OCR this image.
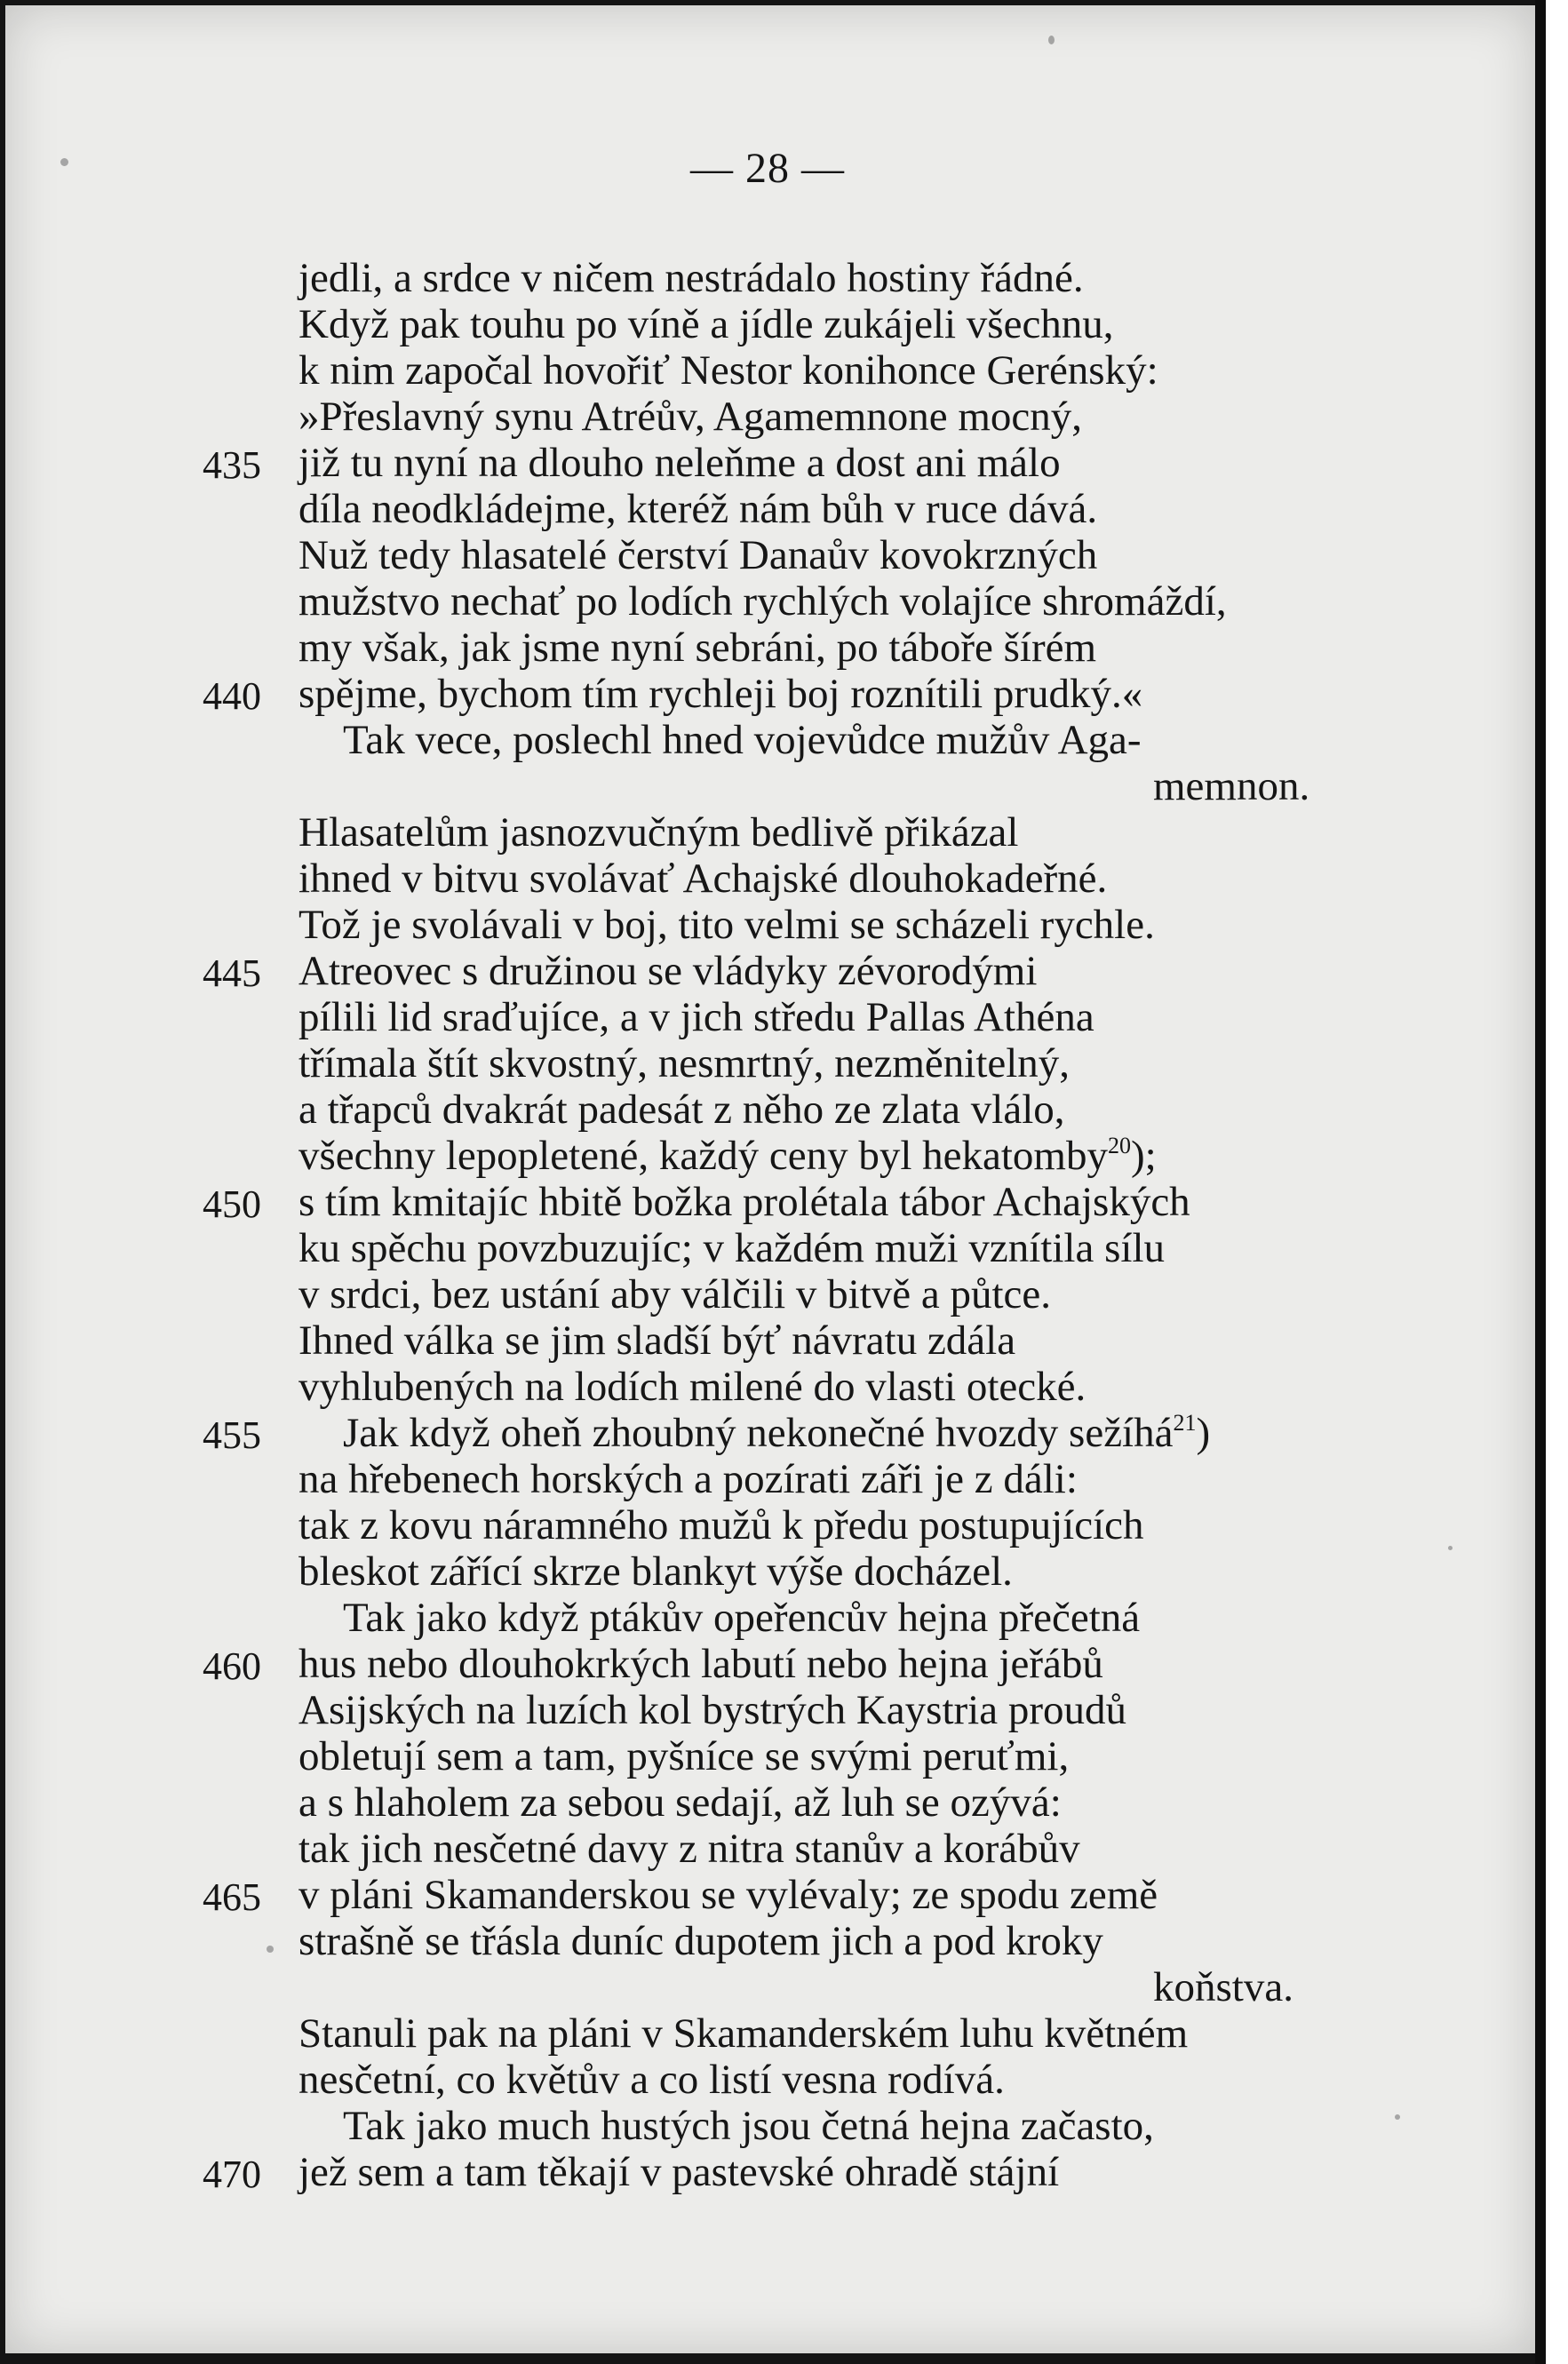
— 28 —
jedli, a srdce v ničem nestrádalo hostiny řádné.
Když pak touhu po víně a jídle zukájeli všechnu,
k nim započal hovořiť Nestor konihonce Gerénský:
»Přeslavný synu Atréův, Agamemnone mocný,
435 již tu nyní na dlouho neleňme a dost ani málo
díla neodkládejme, kteréž nám bůh v ruce dává.
Nuž tedy hlasatelé čerství Danaův kovokrzných
mužstvo nechať po lodích rychlých volajíce shromáždí,
my však, jak jsme nyní sebráni, po táboře šírém
440 spějme, bychom tím rychleji boj roznítili prudký.«
Tak vece, poslechl hned vojevůdce mužův Aga-
memnon.
Hlasatelům jasnozvučným bedlivě přikázal
ihned v bitvu svolávať Achajské dlouhokadeřné.
Tož je svolávali v boj, tito velmi se scházeli rychle.
445 Atreovec s družinou se vládyky zévorodými
pílili lid sraďujíce, a v jich středu Pallas Athéna
třímala štít skvostný, nesmrtný, nezměnitelný,
a třapců dvakrát padesát z něho ze zlata vlálo,
všechny lepopletené, každý ceny byl hekatomby$^{20}$);
450 s tím kmitajíc hbitě božka prolétala tábor Achajských
ku spěchu povzbuzujíc; v každém muži vznítila sílu
v srdci, bez ustání aby válčili v bitvě a půtce.
Ihned válka se jim sladší býť návratu zdála
vyhlubených na lodích milené do vlasti otecké.
455 Jak když oheň zhoubný nekonečné hvozdy sežíhá$^{21}$)
na hřebenech horských a pozírati záři je z dáli:
tak z kovu náramného mužů k předu postupujících
bleskot zářící skrze blankyt výše docházel.
Tak jako když ptákův opeřencův hejna přečetná
460 hus nebo dlouhokrkých labutí nebo hejna jeřábů
Asijských na luzích kol bystrých Kaystria proudů
obletují sem a tam, pyšníce se svými peruťmi,
a s hlaholem za sebou sedají, až luh se ozývá:
tak jich nesčetné davy z nitra stanův a korábův
465 v pláni Skamanderskou se vylévaly; ze spodu země
strašně se třásla duníc dupotem jich a pod kroky
koňstva.
Stanuli pak na pláni v Skamanderském luhu květném
nesčetní, co květův a co listí vesna rodívá.
Tak jako much hustých jsou četná hejna začasto,
470 jež sem a tam těkají v pastevské ohradě stájní
